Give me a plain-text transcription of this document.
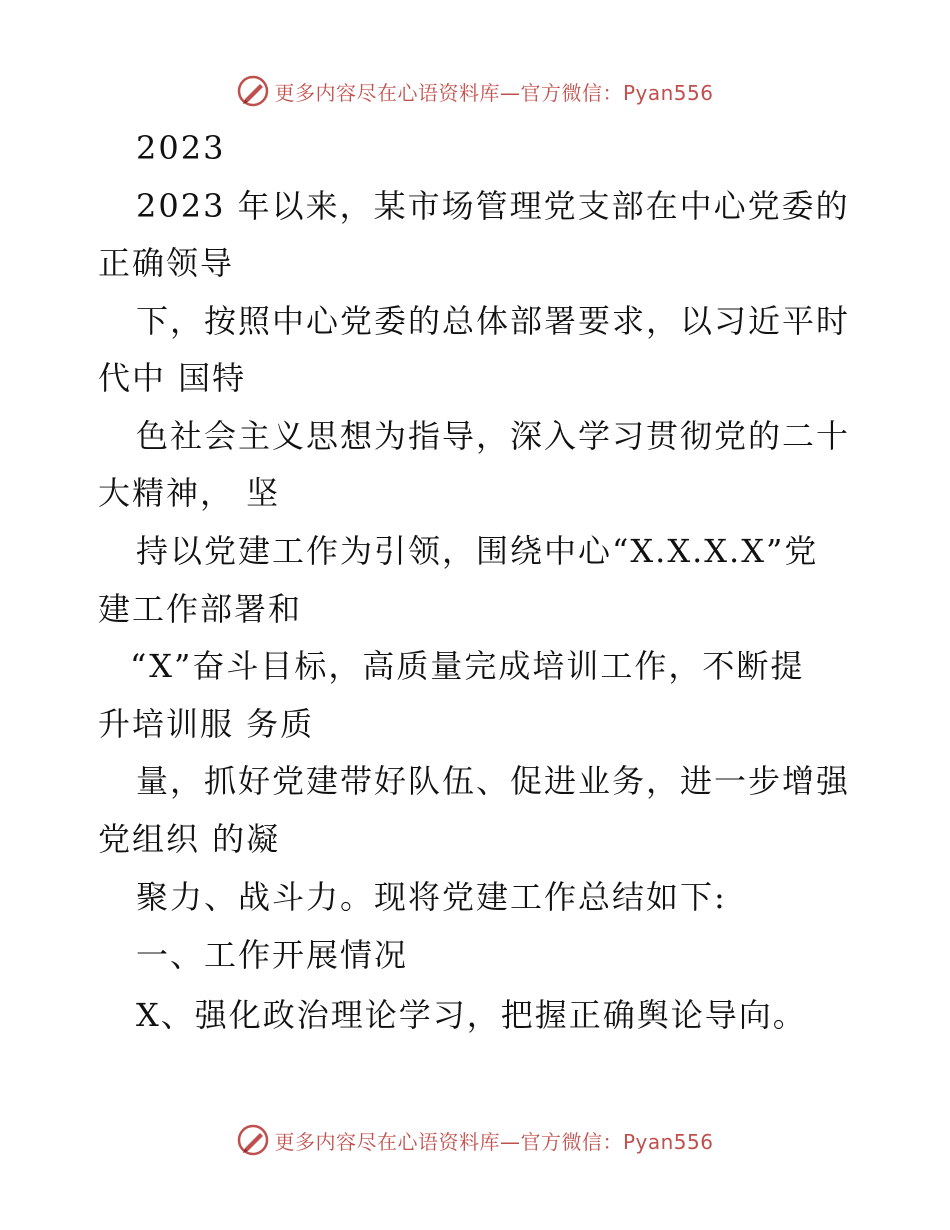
更多内容尽在心语资料库—官方微信：Pyan556
2023
2023 年以来，某市场管理党支部在中心党委的
正确领导
下，按照中心党委的总体部署要求，以习近平时
代中 国特
色社会主义思想为指导，深入学习贯彻党的二十
大精神， 坚
持以党建工作为引领，围绕中心“X.X.X.X”党
建工作部署和
“X”奋斗目标，高质量完成培训工作，不断提
升培训服 务质
量，抓好党建带好队伍、促进业务，进一步增强
党组织 的凝
聚力、战斗力。现将党建工作总结如下:
一、工作开展情况
X、强化政治理论学习，把握正确舆论导向。
更多内容尽在心语资料库—官方微信：Pyan556
